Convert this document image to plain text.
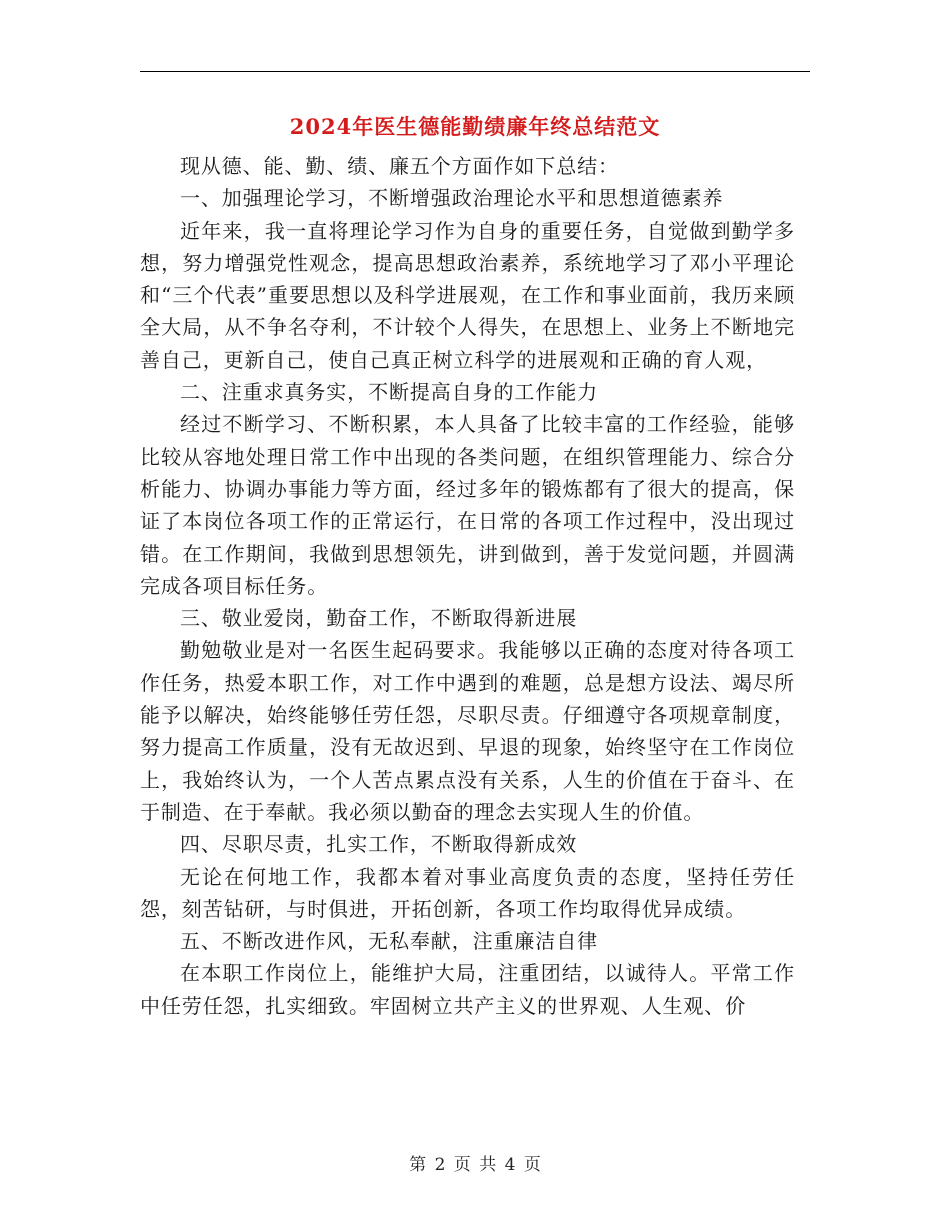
2024年医生德能勤绩廉年终总结范文

现从德、能、勤、绩、廉五个方面作如下总结：

一、加强理论学习，不断增强政治理论水平和思想道德素养

近年来，我一直将理论学习作为自身的重要任务，自觉做到勤学多想，努力增强党性观念，提高思想政治素养，系统地学习了邓小平理论和“三个代表”重要思想以及科学进展观，在工作和事业面前，我历来顾全大局，从不争名夺利，不计较个人得失，在思想上、业务上不断地完善自己，更新自己，使自己真正树立科学的进展观和正确的育人观，

二、注重求真务实，不断提高自身的工作能力

经过不断学习、不断积累，本人具备了比较丰富的工作经验，能够比较从容地处理日常工作中出现的各类问题，在组织管理能力、综合分析能力、协调办事能力等方面，经过多年的锻炼都有了很大的提高，保证了本岗位各项工作的正常运行，在日常的各项工作过程中，没出现过错。在工作期间，我做到思想领先，讲到做到，善于发觉问题，并圆满完成各项目标任务。

三、敬业爱岗，勤奋工作，不断取得新进展

勤勉敬业是对一名医生起码要求。我能够以正确的态度对待各项工作任务，热爱本职工作，对工作中遇到的难题，总是想方设法、竭尽所能予以解决，始终能够任劳任怨，尽职尽责。仔细遵守各项规章制度，努力提高工作质量，没有无故迟到、早退的现象，始终坚守在工作岗位上，我始终认为，一个人苦点累点没有关系，人生的价值在于奋斗、在于制造、在于奉献。我必须以勤奋的理念去实现人生的价值。

四、尽职尽责，扎实工作，不断取得新成效

无论在何地工作，我都本着对事业高度负责的态度，坚持任劳任怨，刻苦钻研，与时俱进，开拓创新，各项工作均取得优异成绩。

五、不断改进作风，无私奉献，注重廉洁自律

在本职工作岗位上，能维护大局，注重团结，以诚待人。平常工作中任劳任怨，扎实细致。牢固树立共产主义的世界观、人生观、价

第 2 页 共 4 页
